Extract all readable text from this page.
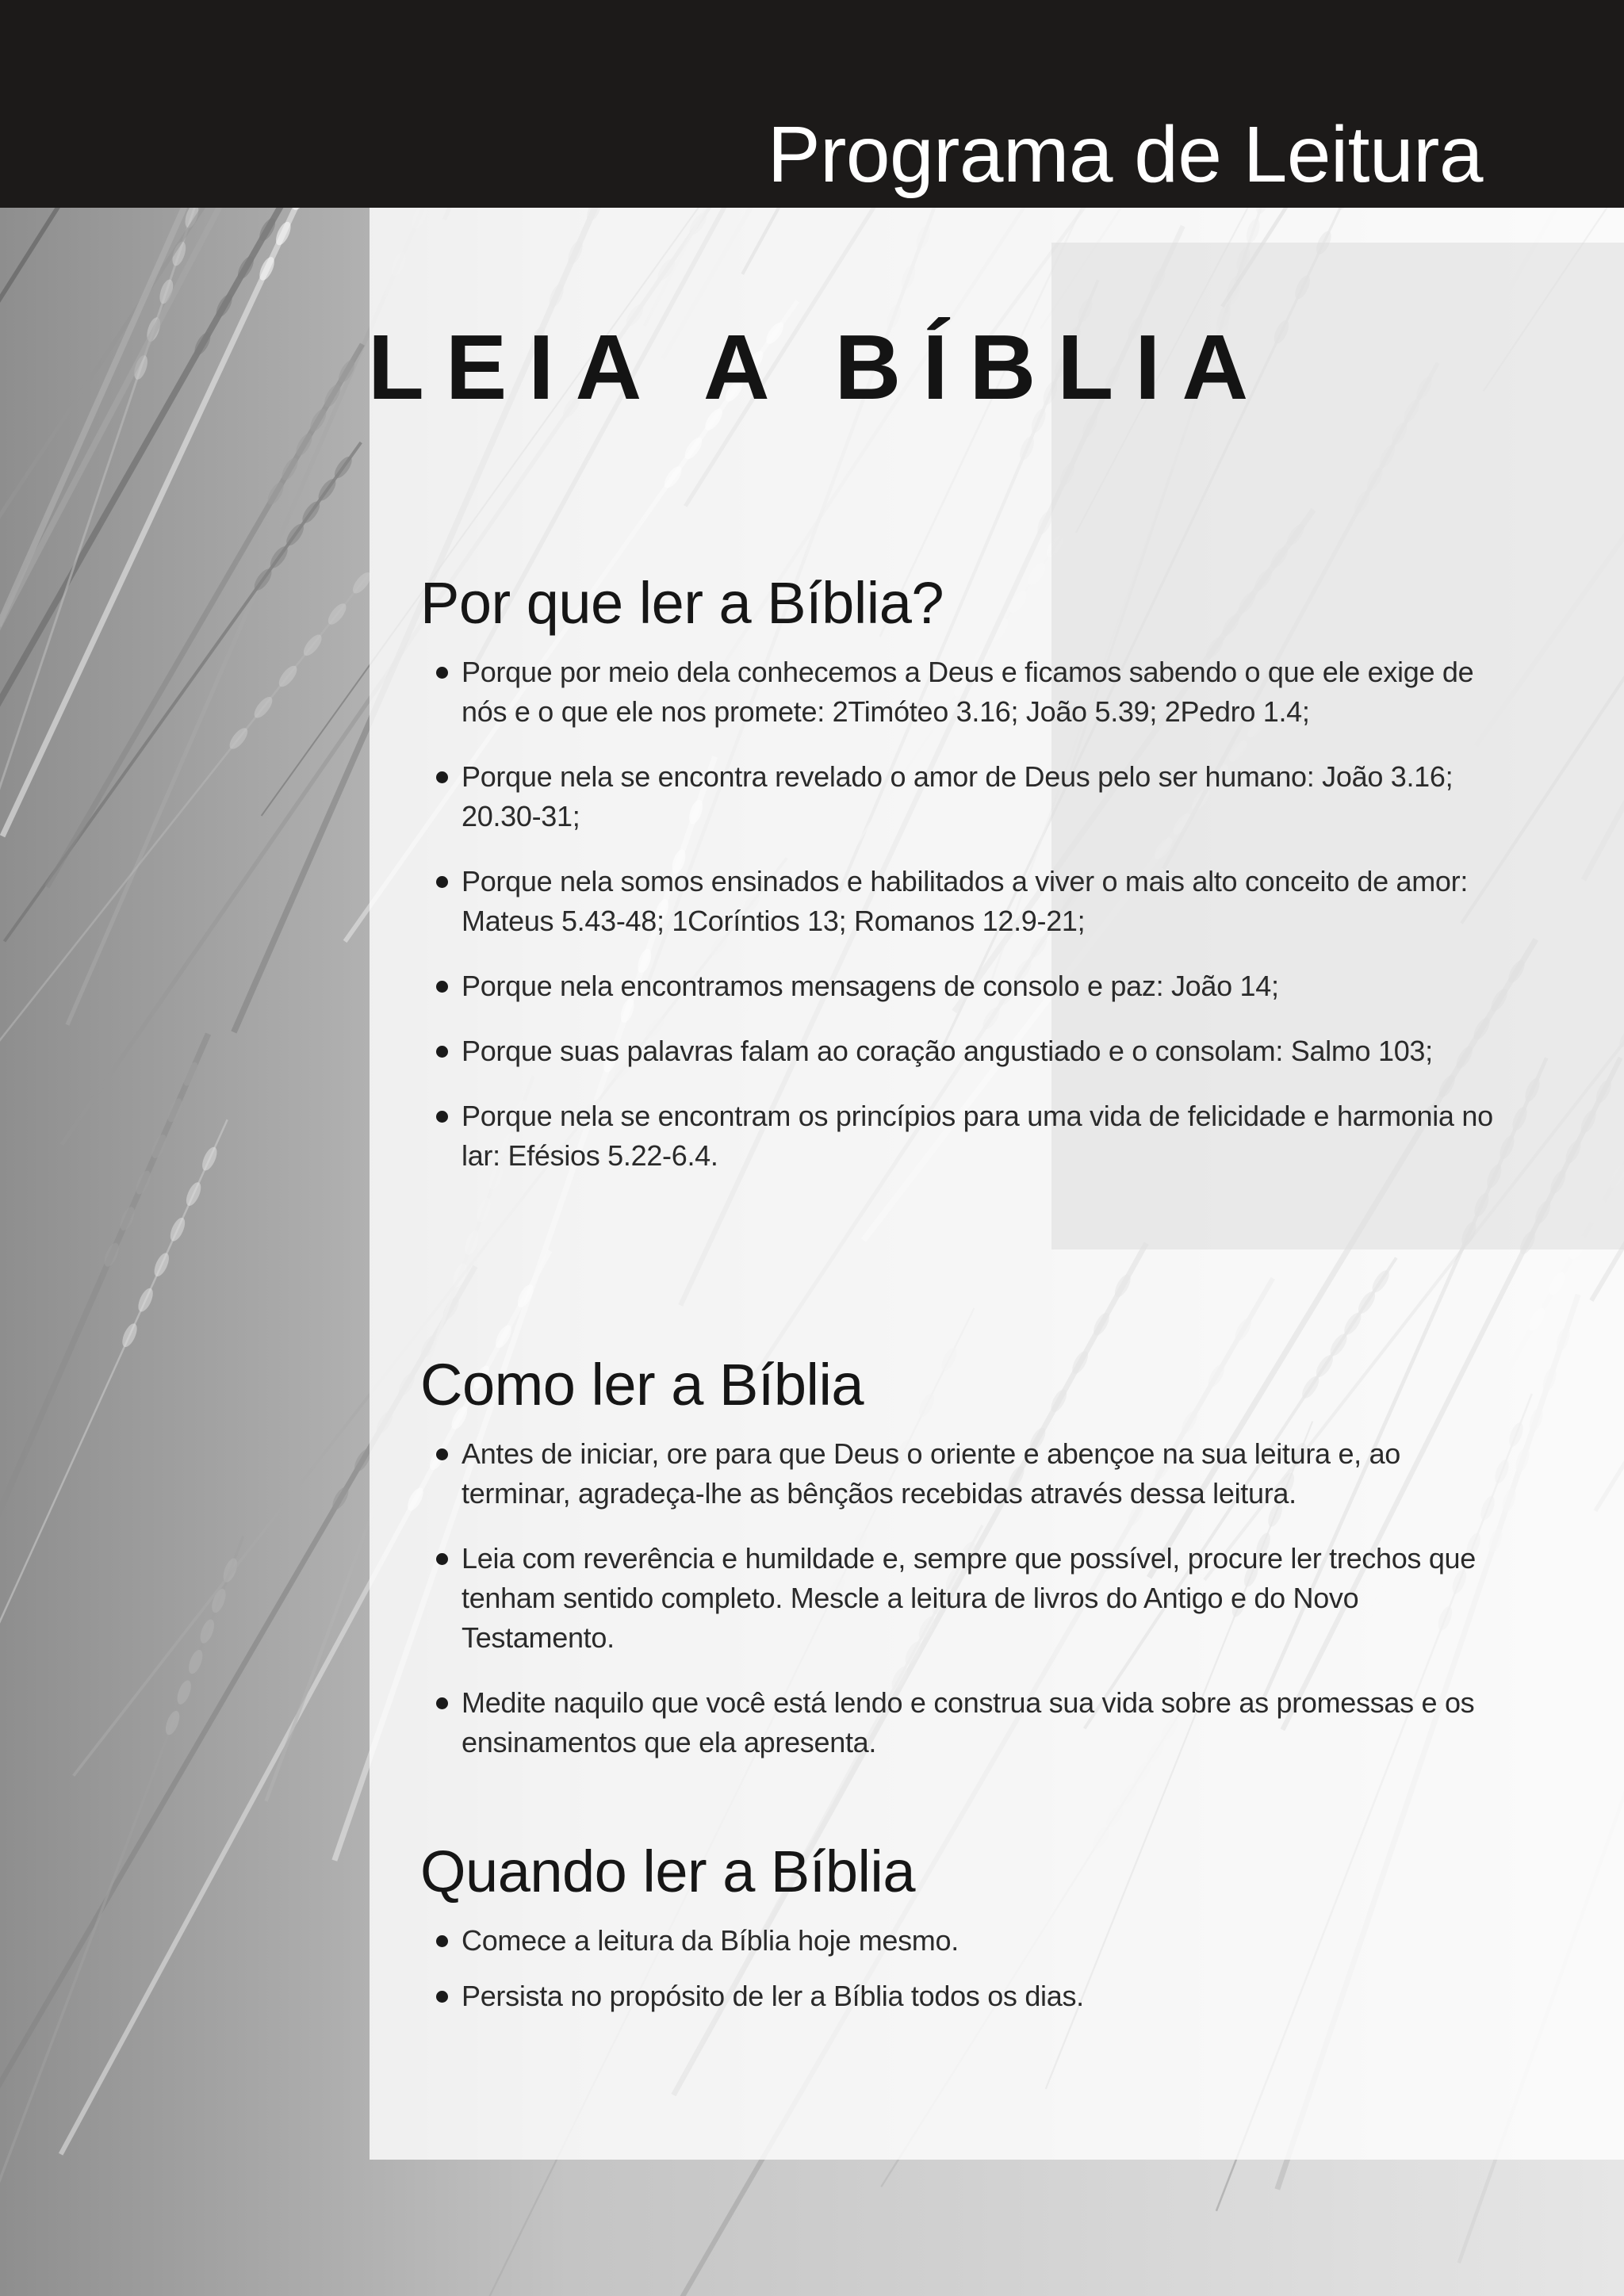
Programa de Leitura
LEIA A BÍBLIA
Por que ler a Bíblia?
Porque por meio dela conhecemos a Deus e ficamos sabendo o que ele exige de nós e o que ele nos promete: 2Timóteo 3.16; João 5.39; 2Pedro 1.4;
Porque nela se encontra revelado o amor de Deus pelo ser humano: João 3.16; 20.30-31;
Porque nela somos ensinados e habilitados a viver o mais alto conceito de amor: Mateus 5.43-48; 1Coríntios 13; Romanos 12.9-21;
Porque nela encontramos mensagens de consolo e paz: João 14;
Porque suas palavras falam ao coração angustiado e o consolam: Salmo 103;
Porque nela se encontram os princípios para uma vida de felicidade e harmonia no lar: Efésios 5.22-6.4.
Como ler a Bíblia
Antes de iniciar, ore para que Deus o oriente e abençoe na sua leitura e, ao terminar, agradeça-lhe as bênçãos recebidas através dessa leitura.
Leia com reverência e humildade e, sempre que possível, procure ler trechos que tenham sentido completo. Mescle a leitura de livros do Antigo e do Novo Testamento.
Medite naquilo que você está lendo e construa sua vida sobre as promessas e os ensinamentos que ela apresenta.
Quando ler a Bíblia
Comece a leitura da Bíblia hoje mesmo.
Persista no propósito de ler a Bíblia todos os dias.
